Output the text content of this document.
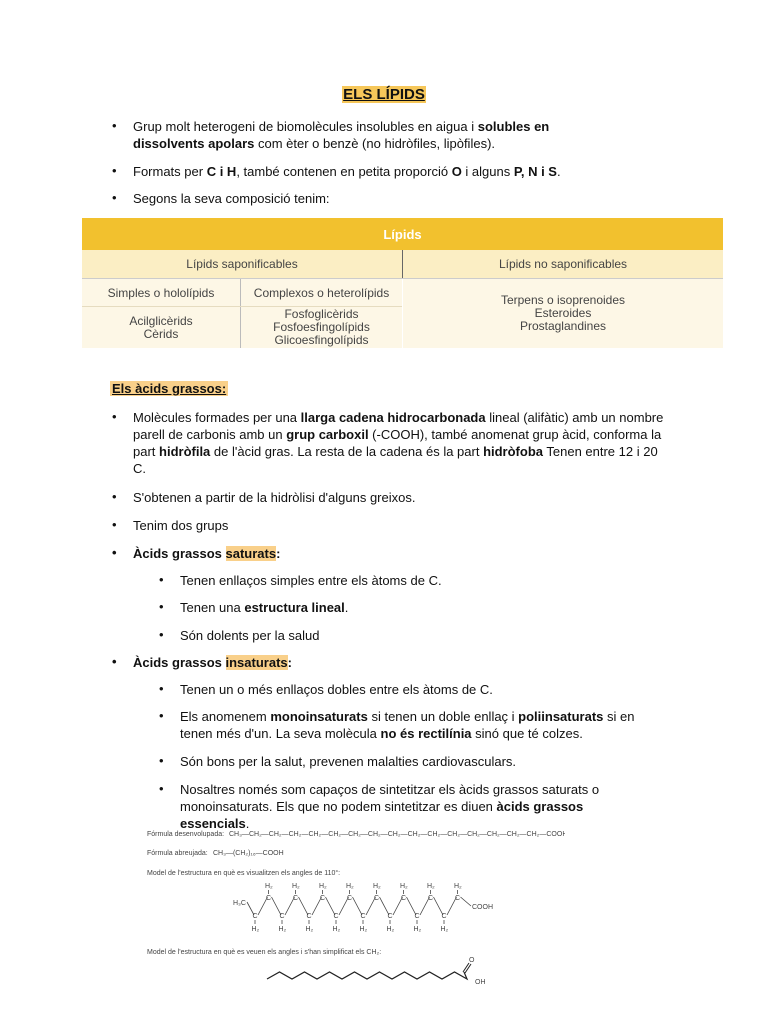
ELS LÍPIDS
• Grup molt heterogeni de biomolècules insolubles en aigua i solubles en
dissolvents apolars com èter o benzè (no hidròfiles, lipòfiles).
• Formats per C i H, també contenen en petita proporció O i alguns P, N i S.
• Segons la seva composició tenim:
Lípids
Lípids saponificables	Lípids no saponificables
Simples o hololípids	Complexos o heterolípids
Acilglicèrids
Cèrids
Fosfoglicèrids
Fosfoesfingolípids
Glicoesfingolípids
Terpens o isoprenoides
Esteroides
Prostaglandines
Els àcids grassos:
• Molècules formades per una llarga cadena hidrocarbonada lineal (alifàtic) amb un nombre
parell de carbonis amb un grup carboxil (-COOH), també anomenat grup àcid, conforma la
part hidròfila de l'àcid gras. La resta de la cadena és la part hidròfoba Tenen entre 12 i 20
C.
• S'obtenen a partir de la hidròlisi d'alguns greixos.
• Tenim dos grups
• Àcids grassos saturats:
• Tenen enllaços simples entre els àtoms de C.
• Tenen una estructura lineal.
• Són dolents per la salud
• Àcids grassos insaturats:
• Tenen un o més enllaços dobles entre els àtoms de C.
• Els anomenem monoinsaturats si tenen un doble enllaç i poliinsaturats si en
tenen més d'un. La seva molècula no és rectilínia sinó que té colzes.
• Són bons per la salut, prevenen malalties cardiovasculars.
• Nosaltres només som capaços de sintetitzar els àcids grassos saturats o
monoinsaturats. Els que no podem sintetitzar es diuen àcids grassos essencials.
Fórmula desenvolupada: CH₃—CH₂—CH₂—CH₂—CH₂—CH₂—CH₂—CH₂—CH₂—CH₂—CH₂—CH₂—CH₂—CH₂—CH₂—CH₂—COOH
Fórmula abreujada: CH₃—(CH₂)₁₆—COOH
Model de l'estructura en què es visualitzen els angles de 110°:
H₃C
C
H₂
C
H₂
C
H₂
C
H₂
C
H₂
C
H₂
C
H₂
C
H₂
C
H₂
C
H₂
C
H₂
C
H₂
C
H₂
C
H₂
C
H₂
C
H₂
COOH
Model de l'estructura en què es veuen els angles i s'han simplificat els CH₂:
O
OH
